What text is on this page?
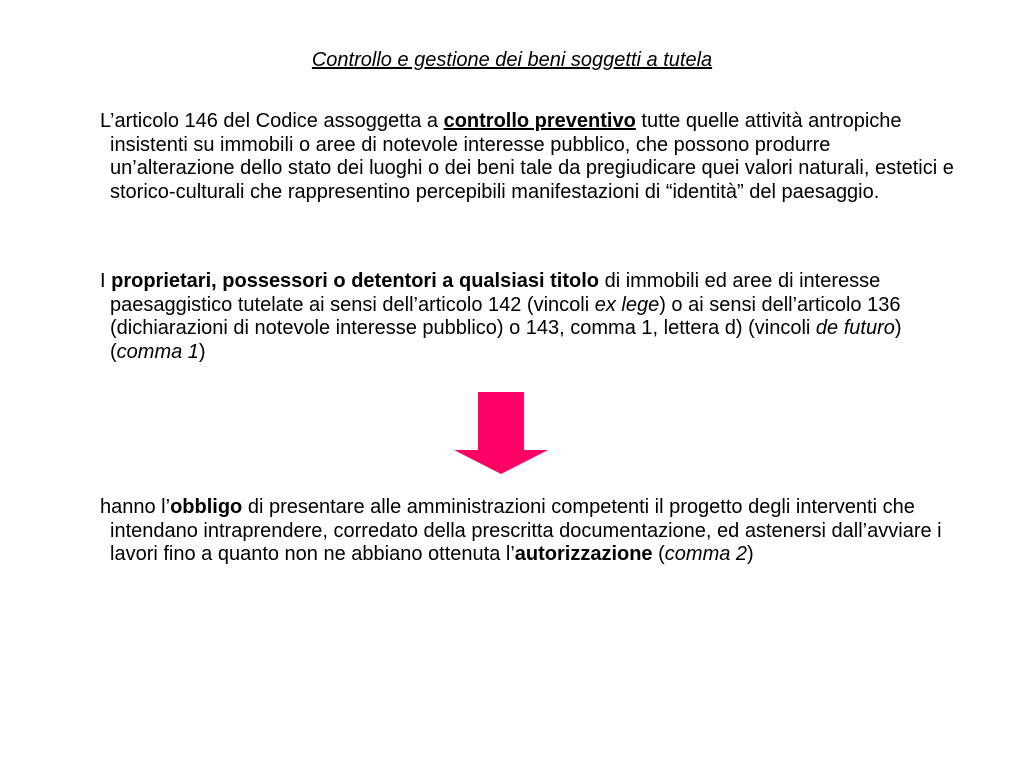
Controllo e gestione dei beni soggetti a tutela
L’articolo 146 del Codice assoggetta a controllo preventivo tutte quelle attività antropiche insistenti su immobili o aree di notevole interesse pubblico, che possono produrre un’alterazione dello stato dei luoghi o dei beni tale da pregiudicare quei valori naturali, estetici e storico-culturali che rappresentino percepibili manifestazioni di “identità” del paesaggio.
I proprietari, possessori o detentori a qualsiasi titolo di immobili ed aree di interesse paesaggistico tutelate ai sensi dell’articolo 142 (vincoli ex lege) o ai sensi dell’articolo 136 (dichiarazioni di notevole interesse pubblico) o 143, comma 1, lettera d) (vincoli de futuro) (comma 1)
hanno l’obbligo di presentare alle amministrazioni competenti il progetto degli interventi che intendano intraprendere, corredato della prescritta documentazione, ed astenersi dall’avviare i lavori fino a quanto non ne abbiano ottenuta l’autorizzazione (comma 2)
